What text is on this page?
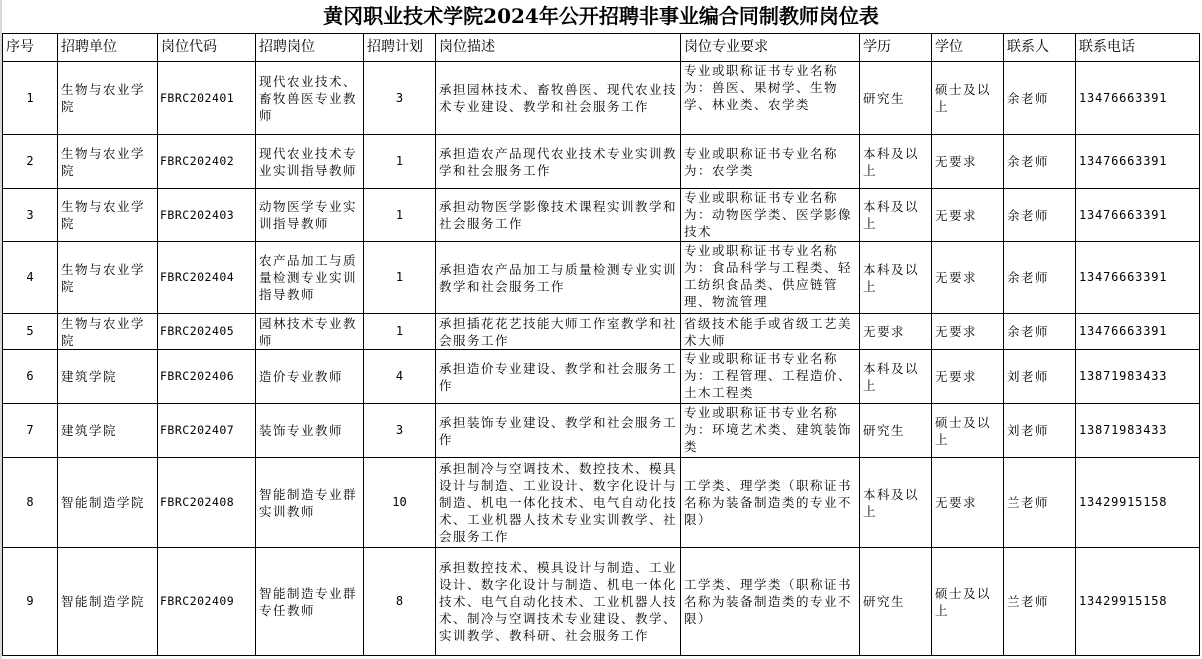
黄冈职业技术学院2024年公开招聘非事业编合同制教师岗位表
序号	招聘单位	岗位代码	招聘岗位	招聘计划	岗位描述	岗位专业要求	学历	学位	联系人	联系电话
1	生物与农业学院	FBRC202401	现代农业技术、畜牧兽医专业教师	3	承担园林技术、畜牧兽医、现代农业技术专业建设、教学和社会服务工作	专业或职称证书专业名称为：兽医、果树学、生物学、林业类、农学类	研究生	硕士及以上	余老师	13476663391
2	生物与农业学院	FBRC202402	现代农业技术专业实训指导教师	1	承担造农产品现代农业技术专业实训教学和社会服务工作	专业或职称证书专业名称为：农学类	本科及以上	无要求	余老师	13476663391
3	生物与农业学院	FBRC202403	动物医学专业实训指导教师	1	承担动物医学影像技术课程实训教学和社会服务工作	专业或职称证书专业名称为：动物医学类、医学影像技术	本科及以上	无要求	余老师	13476663391
4	生物与农业学院	FBRC202404	农产品加工与质量检测专业实训指导教师	1	承担造农产品加工与质量检测专业实训教学和社会服务工作	专业或职称证书专业名称为：食品科学与工程类、轻工纺织食品类、供应链管理、物流管理	本科及以上	无要求	余老师	13476663391
5	生物与农业学院	FBRC202405	园林技术专业教师	1	承担插花花艺技能大师工作室教学和社会服务工作	省级技术能手或省级工艺美术大师	无要求	无要求	余老师	13476663391
6	建筑学院	FBRC202406	造价专业教师	4	承担造价专业建设、教学和社会服务工作	专业或职称证书专业名称为：工程管理、工程造价、土木工程类	本科及以上	无要求	刘老师	13871983433
7	建筑学院	FBRC202407	装饰专业教师	3	承担装饰专业建设、教学和社会服务工作	专业或职称证书专业名称为：环境艺术类、建筑装饰类	研究生	硕士及以上	刘老师	13871983433
8	智能制造学院	FBRC202408	智能制造专业群实训教师	10	承担制冷与空调技术、数控技术、模具设计与制造、工业设计、数字化设计与制造、机电一体化技术、电气自动化技术、工业机器人技术专业实训教学、社会服务工作	工学类、理学类（职称证书名称为装备制造类的专业不限）	本科及以上	无要求	兰老师	13429915158
9	智能制造学院	FBRC202409	智能制造专业群专任教师	8	承担数控技术、模具设计与制造、工业设计、数字化设计与制造、机电一体化技术、电气自动化技术、工业机器人技术、制冷与空调技术专业建设、教学、实训教学、教科研、社会服务工作	工学类、理学类（职称证书名称为装备制造类的专业不限）	研究生	硕士及以上	兰老师	13429915158
